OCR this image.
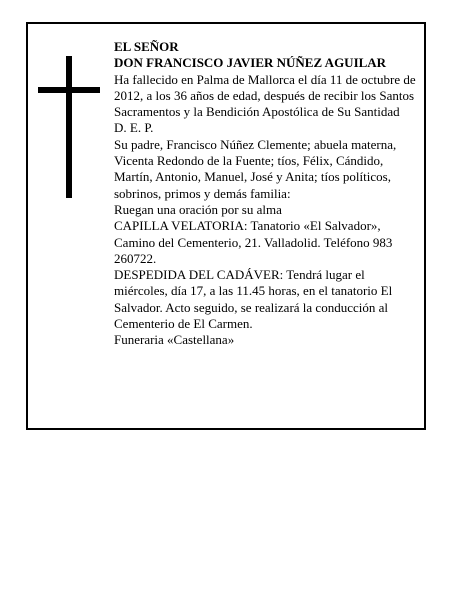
EL SEÑOR

DON FRANCISCO JAVIER NÚÑEZ AGUILAR

Ha fallecido en Palma de Mallorca el día 11 de octubre de 2012, a los 36 años de edad, después de recibir los Santos Sacramentos y la Bendición Apostólica de Su Santidad

D. E. P.

Su padre, Francisco Núñez Clemente; abuela materna, Vicenta Redondo de la Fuente; tíos, Félix, Cándido, Martín, Antonio, Manuel, José y Anita; tíos políticos, sobrinos, primos y demás familia:

Ruegan una oración por su alma

CAPILLA VELATORIA: Tanatorio «El Salvador», Camino del Cementerio, 21. Valladolid. Teléfono 983 260722.

DESPEDIDA DEL CADÁVER: Tendrá lugar el miércoles, día 17, a las 11.45 horas, en el tanatorio El Salvador. Acto seguido, se realizará la conducción al Cementerio de El Carmen.

Funeraria «Castellana»
